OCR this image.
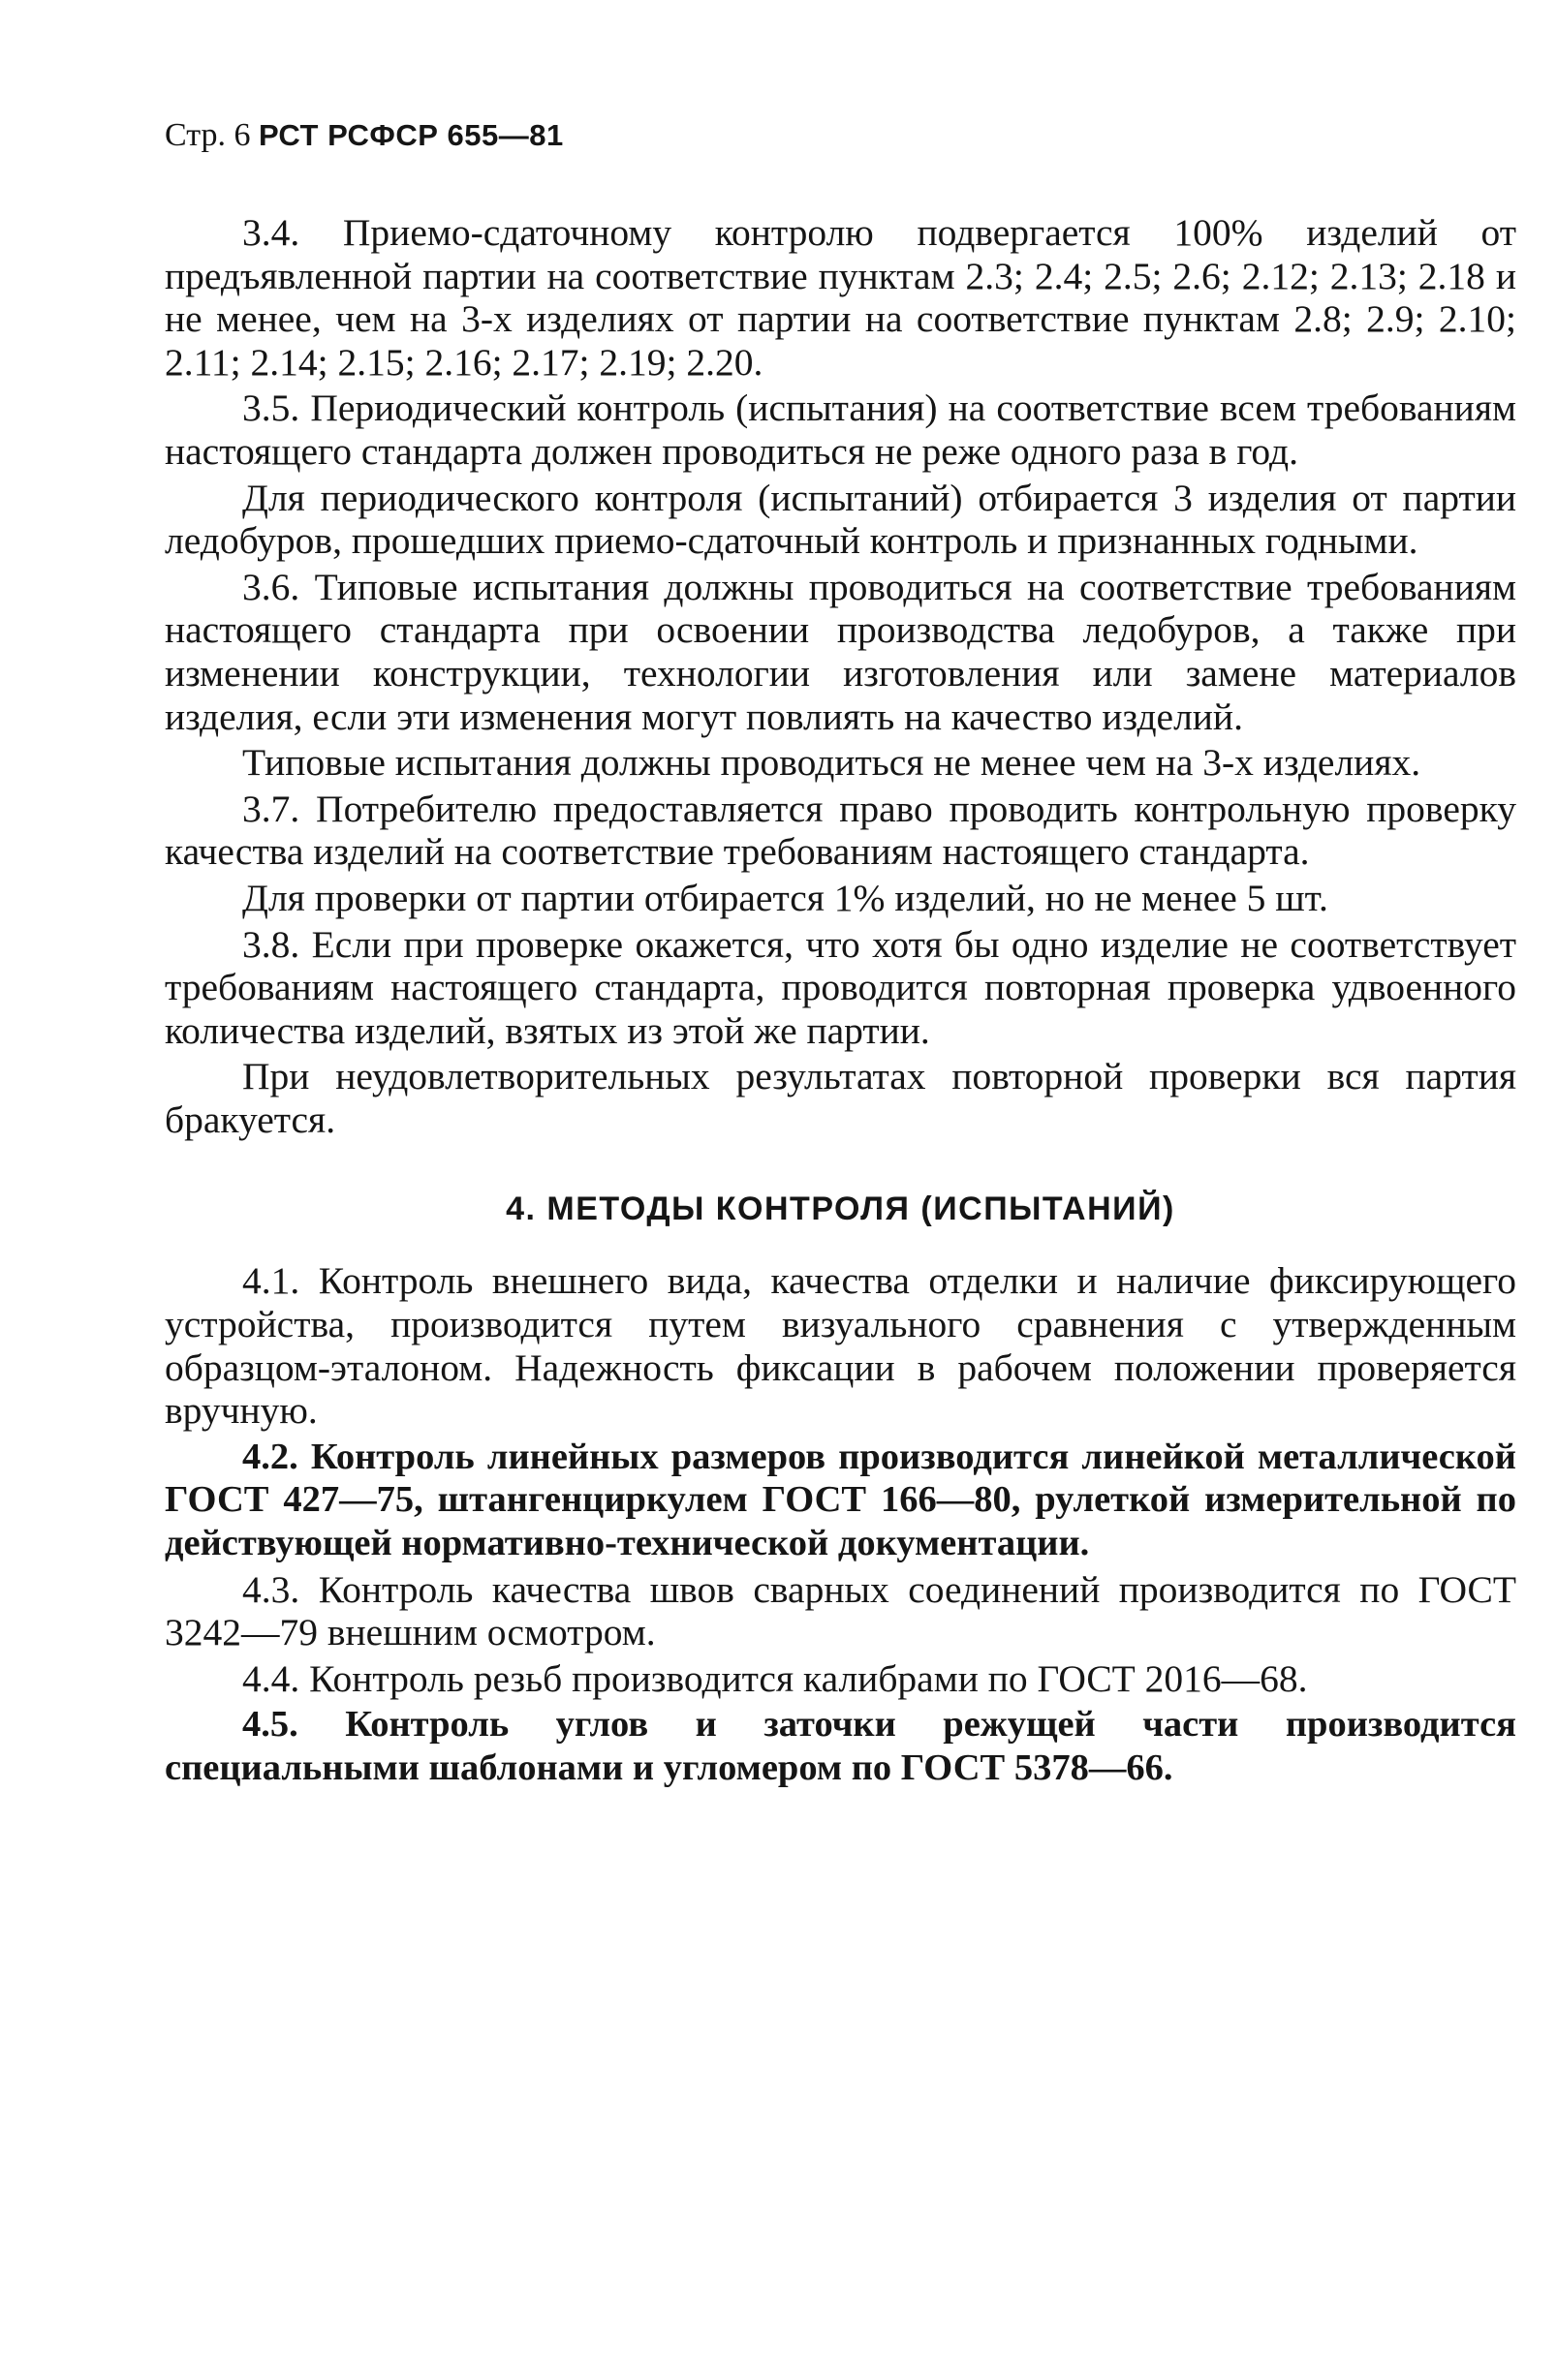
Стр. 6 РСТ РСФСР 655—81

3.4. Приемо-сдаточному контролю подвергается 100% изделий от предъявленной партии на соответствие пунктам 2.3; 2.4; 2.5; 2.6; 2.12; 2.13; 2.18 и не менее, чем на 3-х изделиях от партии на соответствие пунктам 2.8; 2.9; 2.10; 2.11; 2.14; 2.15; 2.16; 2.17; 2.19; 2.20.

3.5. Периодический контроль (испытания) на соответствие всем требованиям настоящего стандарта должен проводиться не реже одного раза в год.

Для периодического контроля (испытаний) отбирается 3 изделия от партии ледобуров, прошедших приемо-сдаточный контроль и признанных годными.

3.6. Типовые испытания должны проводиться на соответствие требованиям настоящего стандарта при освоении производства ледобуров, а также при изменении конструкции, технологии изготовления или замене материалов изделия, если эти изменения могут повлиять на качество изделий.

Типовые испытания должны проводиться не менее чем на 3-х изделиях.

3.7. Потребителю предоставляется право проводить контрольную проверку качества изделий на соответствие требованиям настоящего стандарта.

Для проверки от партии отбирается 1% изделий, но не менее 5 шт.

3.8. Если при проверке окажется, что хотя бы одно изделие не соответствует требованиям настоящего стандарта, проводится повторная проверка удвоенного количества изделий, взятых из этой же партии.

При неудовлетворительных результатах повторной проверки вся партия бракуется.

4. МЕТОДЫ КОНТРОЛЯ (ИСПЫТАНИЙ)

4.1. Контроль внешнего вида, качества отделки и наличие фиксирующего устройства, производится путем визуального сравнения с утвержденным образцом-эталоном. Надежность фиксации в рабочем положении проверяется вручную.

4.2. Контроль линейных размеров производится линейкой металлической ГОСТ 427—75, штангенциркулем ГОСТ 166—80, рулеткой измерительной по действующей нормативно-технической документации.

4.3. Контроль качества швов сварных соединений производится по ГОСТ 3242—79 внешним осмотром.

4.4. Контроль резьб производится калибрами по ГОСТ 2016—68.

4.5. Контроль углов и заточки режущей части производится специальными шаблонами и угломером по ГОСТ 5378—66.
